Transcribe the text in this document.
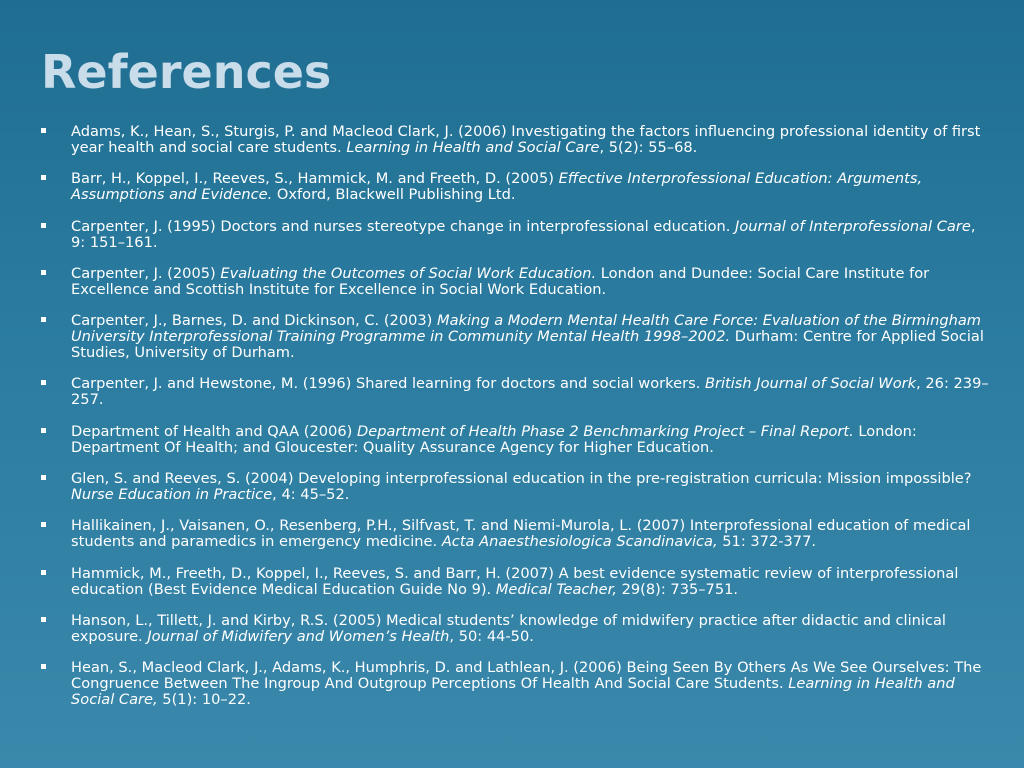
References
Adams, K., Hean, S., Sturgis, P. and Macleod Clark, J. (2006) Investigating the factors influencing professional identity of first year health and social care students. Learning in Health and Social Care, 5(2): 55–68.
Barr, H., Koppel, I., Reeves, S., Hammick, M. and Freeth, D. (2005) Effective Interprofessional Education: Arguments, Assumptions and Evidence. Oxford, Blackwell Publishing Ltd.
Carpenter, J. (1995) Doctors and nurses stereotype change in interprofessional education. Journal of Interprofessional Care, 9: 151–161.
Carpenter, J. (2005) Evaluating the Outcomes of Social Work Education. London and Dundee: Social Care Institute for Excellence and Scottish Institute for Excellence in Social Work Education.
Carpenter, J., Barnes, D. and Dickinson, C. (2003) Making a Modern Mental Health Care Force: Evaluation of the Birmingham University Interprofessional Training Programme in Community Mental Health 1998–2002. Durham: Centre for Applied Social Studies, University of Durham.
Carpenter, J. and Hewstone, M. (1996) Shared learning for doctors and social workers. British Journal of Social Work, 26: 239–257.
Department of Health and QAA (2006) Department of Health Phase 2 Benchmarking Project – Final Report. London: Department Of Health; and Gloucester: Quality Assurance Agency for Higher Education.
Glen, S. and Reeves, S. (2004) Developing interprofessional education in the pre-registration curricula: Mission impossible? Nurse Education in Practice, 4: 45–52.
Hallikainen, J., Vaisanen, O., Resenberg, P.H., Silfvast, T. and Niemi-Murola, L. (2007) Interprofessional education of medical students and paramedics in emergency medicine. Acta Anaesthesiologica Scandinavica, 51: 372-377.
Hammick, M., Freeth, D., Koppel, I., Reeves, S. and Barr, H. (2007) A best evidence systematic review of interprofessional education (Best Evidence Medical Education Guide No 9). Medical Teacher, 29(8): 735–751.
Hanson, L., Tillett, J. and Kirby, R.S. (2005) Medical students’ knowledge of midwifery practice after didactic and clinical exposure. Journal of Midwifery and Women’s Health, 50: 44-50.
Hean, S., Macleod Clark, J., Adams, K., Humphris, D. and Lathlean, J. (2006) Being Seen By Others As We See Ourselves: The Congruence Between The Ingroup And Outgroup Perceptions Of Health And Social Care Students. Learning in Health and Social Care, 5(1): 10–22.
